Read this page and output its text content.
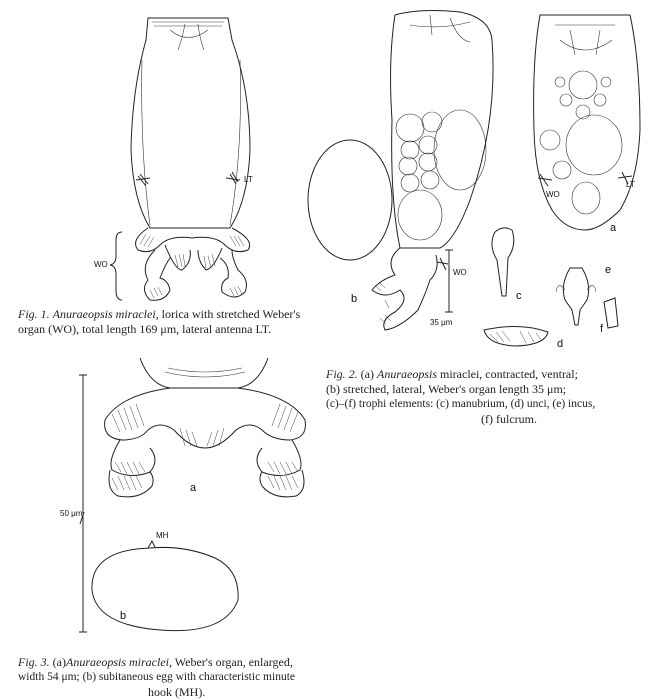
LT
WO
Fig. 1. Anuraeopsis miraclei, lorica with stretched Weber's
organ (WO), total length 169 μm, lateral antenna LT.
WO
WO
LT
35 μm
a
b	c
d
e
f
Fig. 2. (a) Anuraeopsis miraclei, contracted, ventral;
(b) stretched, lateral, Weber's organ length 35 μm;
(c)–(f) trophi elements: (c) manubrium, (d) unci, (e) incus,
(f) fulcrum.
50 μm
MH
a
b
Fig. 3. (a)Anuraeopsis miraclei, Weber's organ, enlarged,
width 54 μm; (b) subitaneous egg with characteristic minute
hook (MH).
